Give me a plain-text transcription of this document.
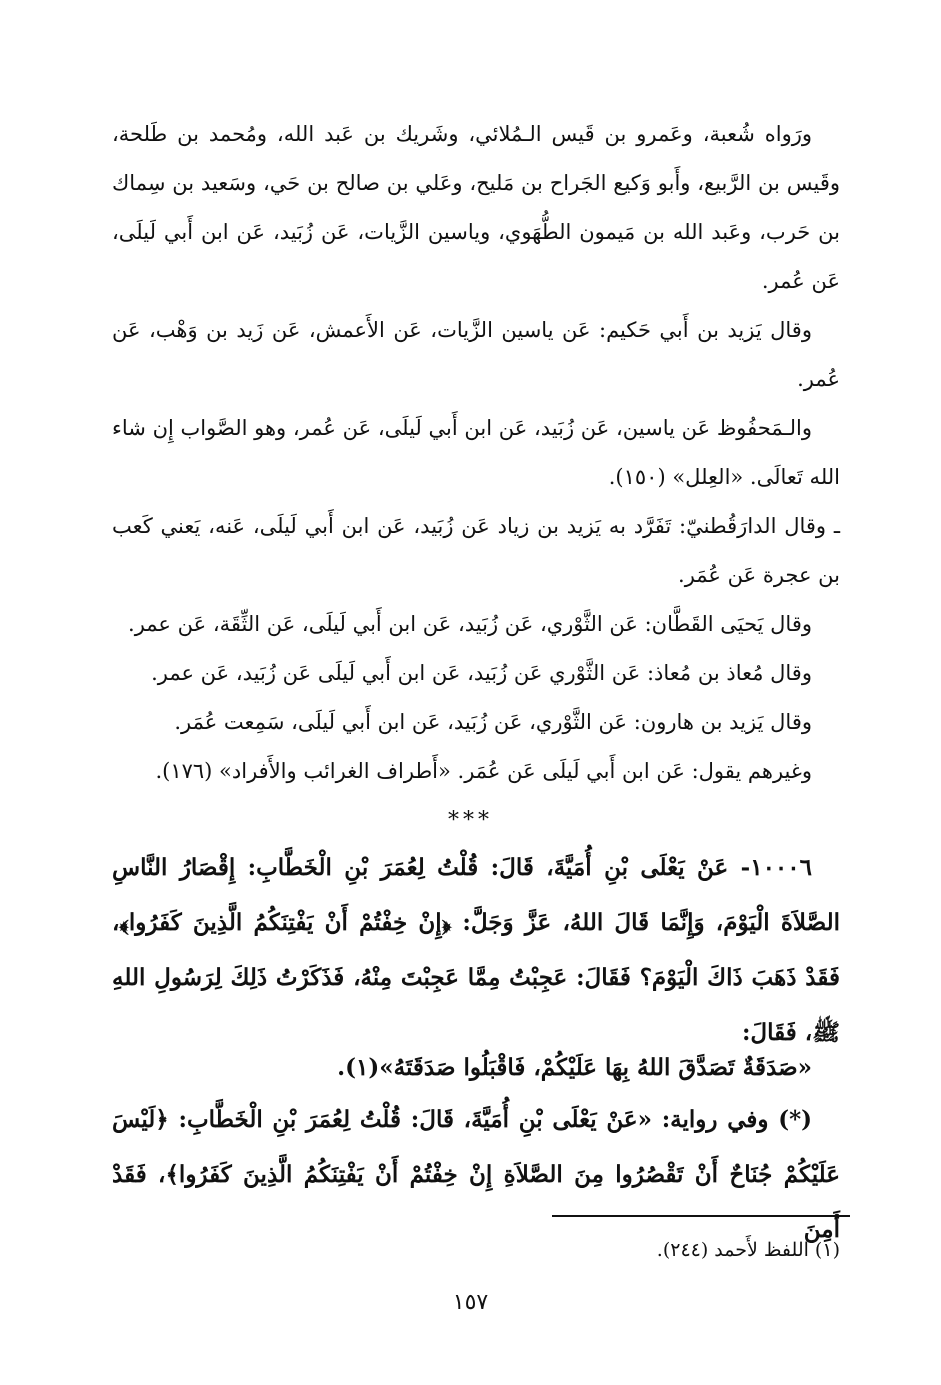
ورَواه شُعبة، وعَمرو بن قَيس الـمُلائي، وشَريك بن عَبد الله، ومُحمد بن طَلحة، وقَيس بن الرَّبيع، وأَبو وَكيع الجَراح بن مَليح، وعَلي بن صالح بن حَي، وسَعيد بن سِماك بن حَرب، وعَبد الله بن مَيمون الطُّهَوي، وياسين الزَّيات، عَن زُبَيد، عَن ابن أَبي لَيلَى، عَن عُمر.

وقال يَزيد بن أَبي حَكيم: عَن ياسين الزَّيات، عَن الأَعمش، عَن زَيد بن وَهْب، عَن عُمر.

والـمَحفُوظ عَن ياسين، عَن زُبَيد، عَن ابن أَبي لَيلَى، عَن عُمر، وهو الصَّواب إِن شاء الله تَعالَى. «العِلل» (١٥٠).

ـ وقال الدارَقُطنيّ: تَفَرَّد به يَزيد بن زياد عَن زُبَيد، عَن ابن أَبي لَيلَى، عَنه، يَعني كَعب بن عجرة عَن عُمَر.

وقال يَحيَى القَطَّان: عَن الثَّوْري، عَن زُبَيد، عَن ابن أَبي لَيلَى، عَن الثِّقَة، عَن عمر.

وقال مُعاذ بن مُعاذ: عَن الثَّوْري عَن زُبَيد، عَن ابن أَبي لَيلَى عَن زُبَيد، عَن عمر.

وقال يَزيد بن هارون: عَن الثَّوْري، عَن زُبَيد، عَن ابن أَبي لَيلَى، سَمِعت عُمَر.

وغيرهم يقول: عَن ابن أَبي لَيلَى عَن عُمَر. «أَطراف الغرائب والأَفراد» (١٧٦).

***

١٠٠٠٦- عَنْ يَعْلَى بْنِ أُمَيَّةَ، قَالَ: قُلْتُ لِعُمَرَ بْنِ الْخَطَّابِ: إِقْصَارُ النَّاسِ الصَّلاَةَ الْيَوْمَ، وَإِنَّمَا قَالَ اللهُ، عَزَّ وَجَلَّ: ﴿إِنْ خِفْتُمْ أَنْ يَفْتِنَكُمُ الَّذِينَ كَفَرُوا﴾، فَقَدْ ذَهَبَ ذَاكَ الْيَوْمَ؟ فَقَالَ: عَجِبْتُ مِمَّا عَجِبْتَ مِنْهُ، فَذَكَرْتُ ذَلِكَ لِرَسُولِ اللهِ ﷺ، فَقَالَ:

«صَدَقَةٌ تَصَدَّقَ اللهُ بِهَا عَلَيْكُمْ، فَاقْبَلُوا صَدَقَتَهُ»(١).

(*) وفي رواية: «عَنْ يَعْلَى بْنِ أُمَيَّةَ، قَالَ: قُلْتُ لِعُمَرَ بْنِ الْخَطَّابِ: ﴿لَيْسَ عَلَيْكُمْ جُنَاحٌ أَنْ تَقْصُرُوا مِنَ الصَّلاَةِ إِنْ خِفْتُمْ أَنْ يَفْتِنَكُمُ الَّذِينَ كَفَرُوا﴾، فَقَدْ أَمِنَ

(١) اللفظ لأَحمد (٢٤٤).

١٥٧
